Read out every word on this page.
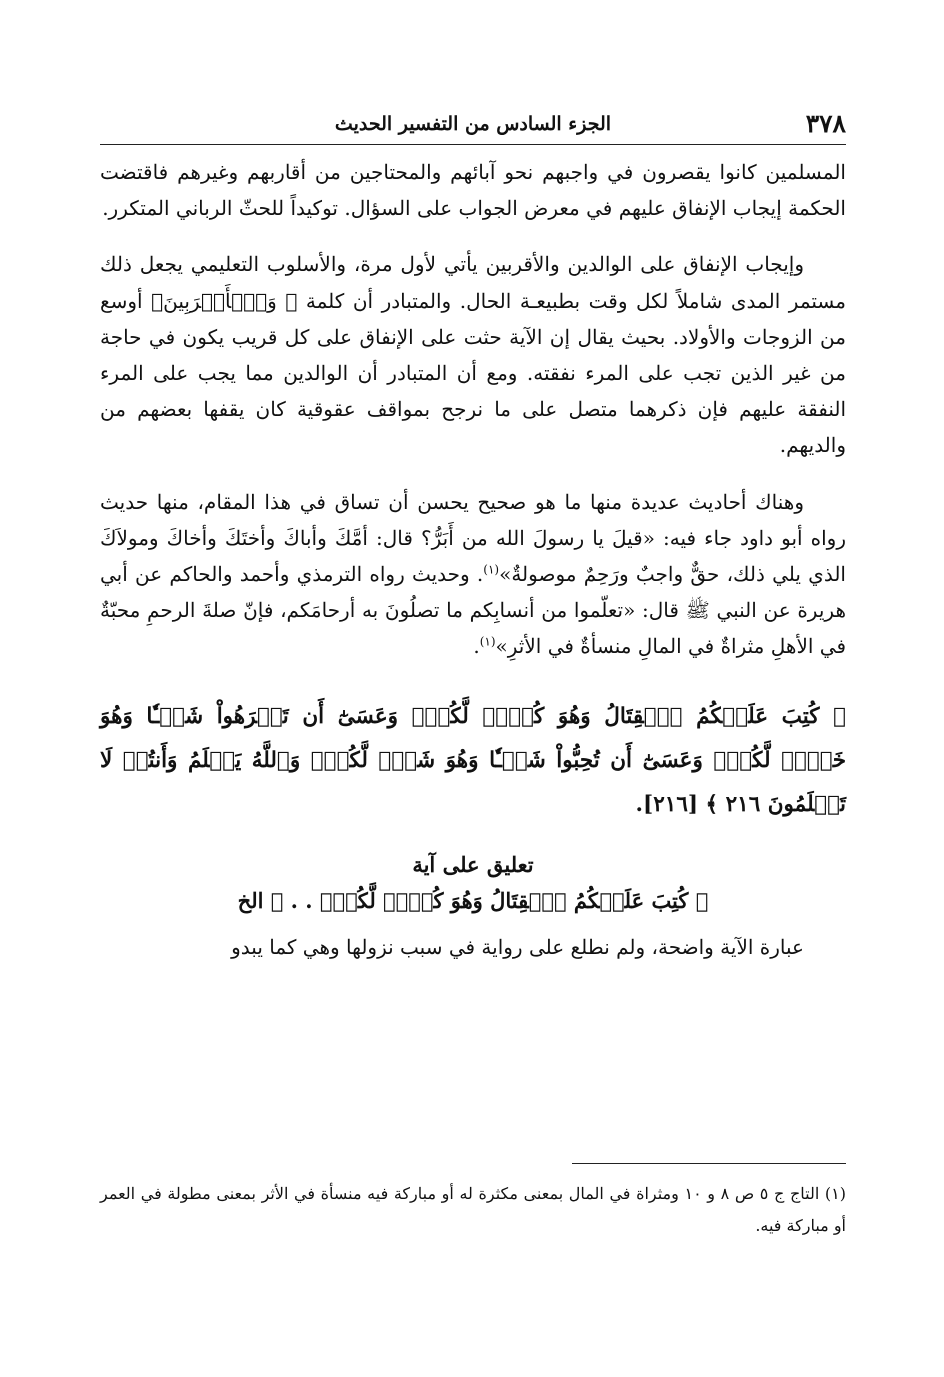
٣٧٨
الجزء السادس من التفسير الحديث

المسلمين كانوا يقصرون في واجبهم نحو آبائهم والمحتاجين من أقاربهم وغيرهم فاقتضت الحكمة إيجاب الإنفاق عليهم في معرض الجواب على السؤال. توكيداً للحثّ الرباني المتكرر.

وإيجاب الإنفاق على الوالدين والأقربين يأتي لأول مرة، والأسلوب التعليمي يجعل ذلك مستمر المدى شاملاً لكل وقت بطبيعـة الحال. والمتبادر أن كلمة ﴿ وَٱلۡأَقۡرَبِينَ﴾ أوسع من الزوجات والأولاد. بحيث يقال إن الآية حثت على الإنفاق على كل قريب يكون في حاجة من غير الذين تجب على المرء نفقته. ومع أن المتبادر أن الوالدين مما يجب على المرء النفقة عليهم فإن ذكرهما متصل على ما نرجح بمواقف عقوقية كان يقفها بعضهم من والديهم.

وهناك أحاديث عديدة منها ما هو صحيح يحسن أن تساق في هذا المقام، منها حديث رواه أبو داود جاء فيه: «قيلَ يا رسولَ الله من أَبَرُّ؟ قال: أمَّكَ وأباكَ وأختَكَ وأخاكَ ومولاَكَ الذي يلي ذلك، حقٌّ واجبٌ ورَحِمٌ موصولةٌ»$^{(١)}$. وحديث رواه الترمذي وأحمد والحاكم عن أبي هريرة عن النبي ﷺ قال: «تعلّموا من أنسابِكم ما تصلُونَ به أرحامَكم، فإنّ صلةَ الرحمِ محبّةٌ في الأهلِ مثراةٌ في المالِ منسأةٌ في الأثرِ»$^{(١)}$.

﴿ كُتِبَ عَلَيۡكُمُ ٱلۡقِتَالُ وَهُوَ كُرۡهٞ لَّكُمۡۖ وَعَسَىٰٓ أَن تَكۡرَهُواْ شَيۡـٔٗا وَهُوَ خَيۡرٞ لَّكُمۡۖ وَعَسَىٰٓ أَن تُحِبُّواْ شَيۡـٔٗا وَهُوَ شَرّٞ لَّكُمۡۚ وَٱللَّهُ يَعۡلَمُ وَأَنتُمۡ لَا تَعۡلَمُونَ ٢١٦ ﴾ [٢١٦].

تعليق على آية

﴿ كُتِبَ عَلَيۡكُمُ ٱلۡقِتَالُ وَهُوَ كُرۡهٞ لَّكُمۡۖ . . ﴾ الخ

عبارة الآية واضحة، ولم نطلع على رواية في سبب نزولها وهي كما يبدو

(١) التاج ج ٥ ص ٨ و ١٠ ومثراة في المال بمعنى مكثرة له أو مباركة فيه منسأة في الأثر بمعنى مطولة في العمر أو مباركة فيه.
